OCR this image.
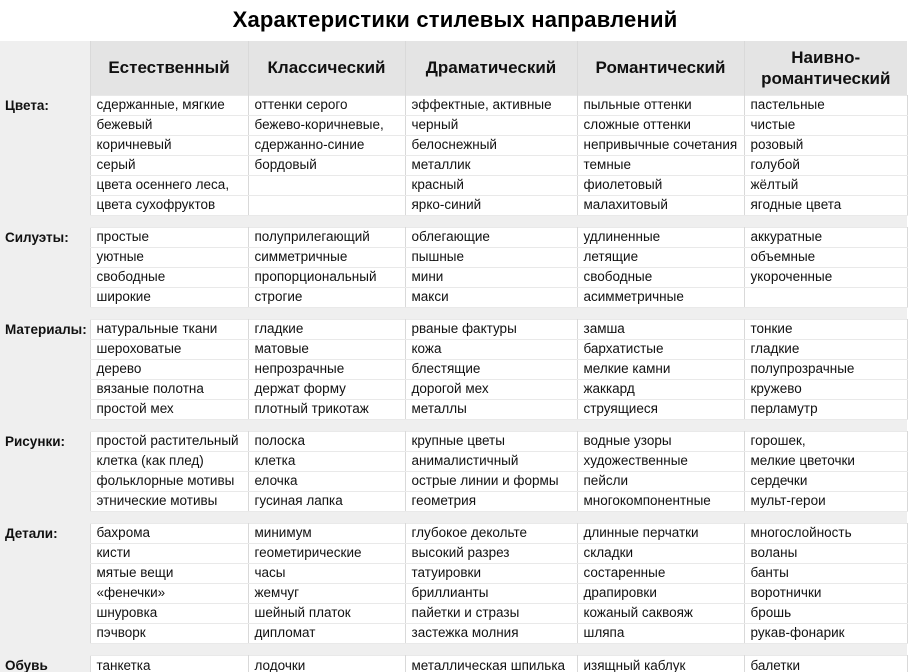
Характеристики стилевых направлений
	Естественный	Классический	Драматический	Романтический	Наивно-романтический
Цвета:	сдержанные, мягкие	оттенки серого	эффектные, активные	пыльные оттенки	пастельные
	бежевый	бежево-коричневые,	черный	сложные оттенки	чистые
	коричневый	сдержанно-синие	белоснежный	непривычные сочетания	розовый
	серый	бордовый	металлик	темные	голубой
	цвета осеннего леса,		красный	фиолетовый	жёлтый
	цвета сухофруктов		ярко-синий	малахитовый	ягодные цвета

Силуэты:	простые	полуприлегающий	облегающие	удлиненные	аккуратные
	уютные	симметричные	пышные	летящие	объемные
	свободные	пропорциональный	мини	свободные	укороченные
	широкие	строгие	макси	асимметричные	

Материалы:	натуральные ткани	гладкие	рваные фактуры	замша	тонкие
	шероховатые	матовые	кожа	бархатистые	гладкие
	дерево	непрозрачные	блестящие	мелкие камни	полупрозрачные
	вязаные полотна	держат форму	дорогой мех	жаккард	кружево
	простой мех	плотный трикотаж	металлы	струящиеся	перламутр

Рисунки:	простой растительный	полоска	крупные цветы	водные узоры	горошек,
	клетка (как плед)	клетка	анималистичный	художественные	мелкие цветочки
	фольклорные мотивы	елочка	острые линии и формы	пейсли	сердечки
	этнические мотивы	гусиная лапка	геометрия	многокомпонентные	мульт-герои

Детали:	бахрома	минимум	глубокое декольте	длинные перчатки	многослойность
	кисти	геометирические	высокий разрез	складки	воланы
	мятые вещи	часы	татуировки	состаренные	банты
	«фенечки»	жемчуг	бриллианты	драпировки	воротнички
	шнуровка	шейный платок	пайетки и стразы	кожаный саквояж	брошь
	пэчворк	дипломат	застежка молния	шляпа	рукав-фонарик

Обувь	танкетка	лодочки	металлическая шпилька	изящный каблук	балетки
